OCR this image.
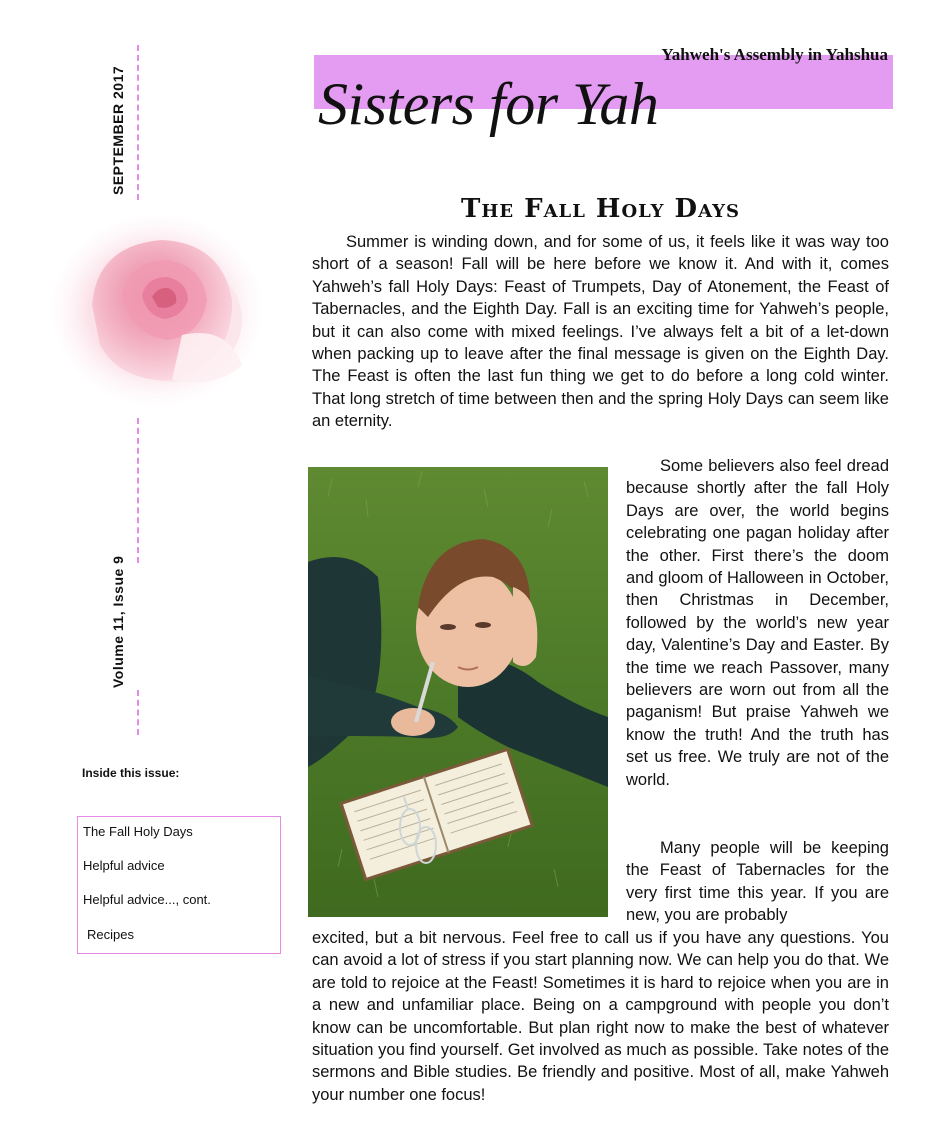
SEPTEMBER 2017
Volume 11, Issue 9
Inside this issue:
The Fall Holy Days
Helpful advice
Helpful advice..., cont.
Recipes
Yahweh's Assembly in Yahshua
Sisters for Yah
The Fall Holy Days

Summer is winding down, and for some of us, it feels like it was way too short of a season! Fall will be here before we know it. And with it, comes Yahweh’s fall Holy Days: Feast of Trumpets, Day of Atonement, the Feast of Tabernacles, and the Eighth Day. Fall is an exciting time for Yahweh’s people, but it can also come with mixed feelings. I’ve always felt a bit of a let-down when packing up to leave after the final message is given on the Eighth Day. The Feast is often the last fun thing we get to do before a long cold winter. That long stretch of time between then and the spring Holy Days can seem like an eternity.

Some believers also feel dread because shortly after the fall Holy Days are over, the world begins celebrating one pagan holiday after the other. First there’s the doom and gloom of Halloween in October, then Christmas in December, followed by the world’s new year day, Valentine’s Day and Easter. By the time we reach Passover, many believers are worn out from all the paganism! But praise Yahweh we know the truth! And the truth has set us free. We truly are not of the world.

Many people will be keeping the Feast of Tabernacles for the very first time this year. If you are new, you are probably

excited, but a bit nervous. Feel free to call us if you have any questions. You can avoid a lot of stress if you start planning now. We can help you do that. We are told to rejoice at the Feast! Sometimes it is hard to rejoice when you are in a new and unfamiliar place. Being on a campground with people you don’t know can be uncomfortable. But plan right now to make the best of whatever situation you find yourself. Get involved as much as possible. Take notes of the sermons and Bible studies. Be friendly and positive. Most of all, make Yahweh your number one focus!
